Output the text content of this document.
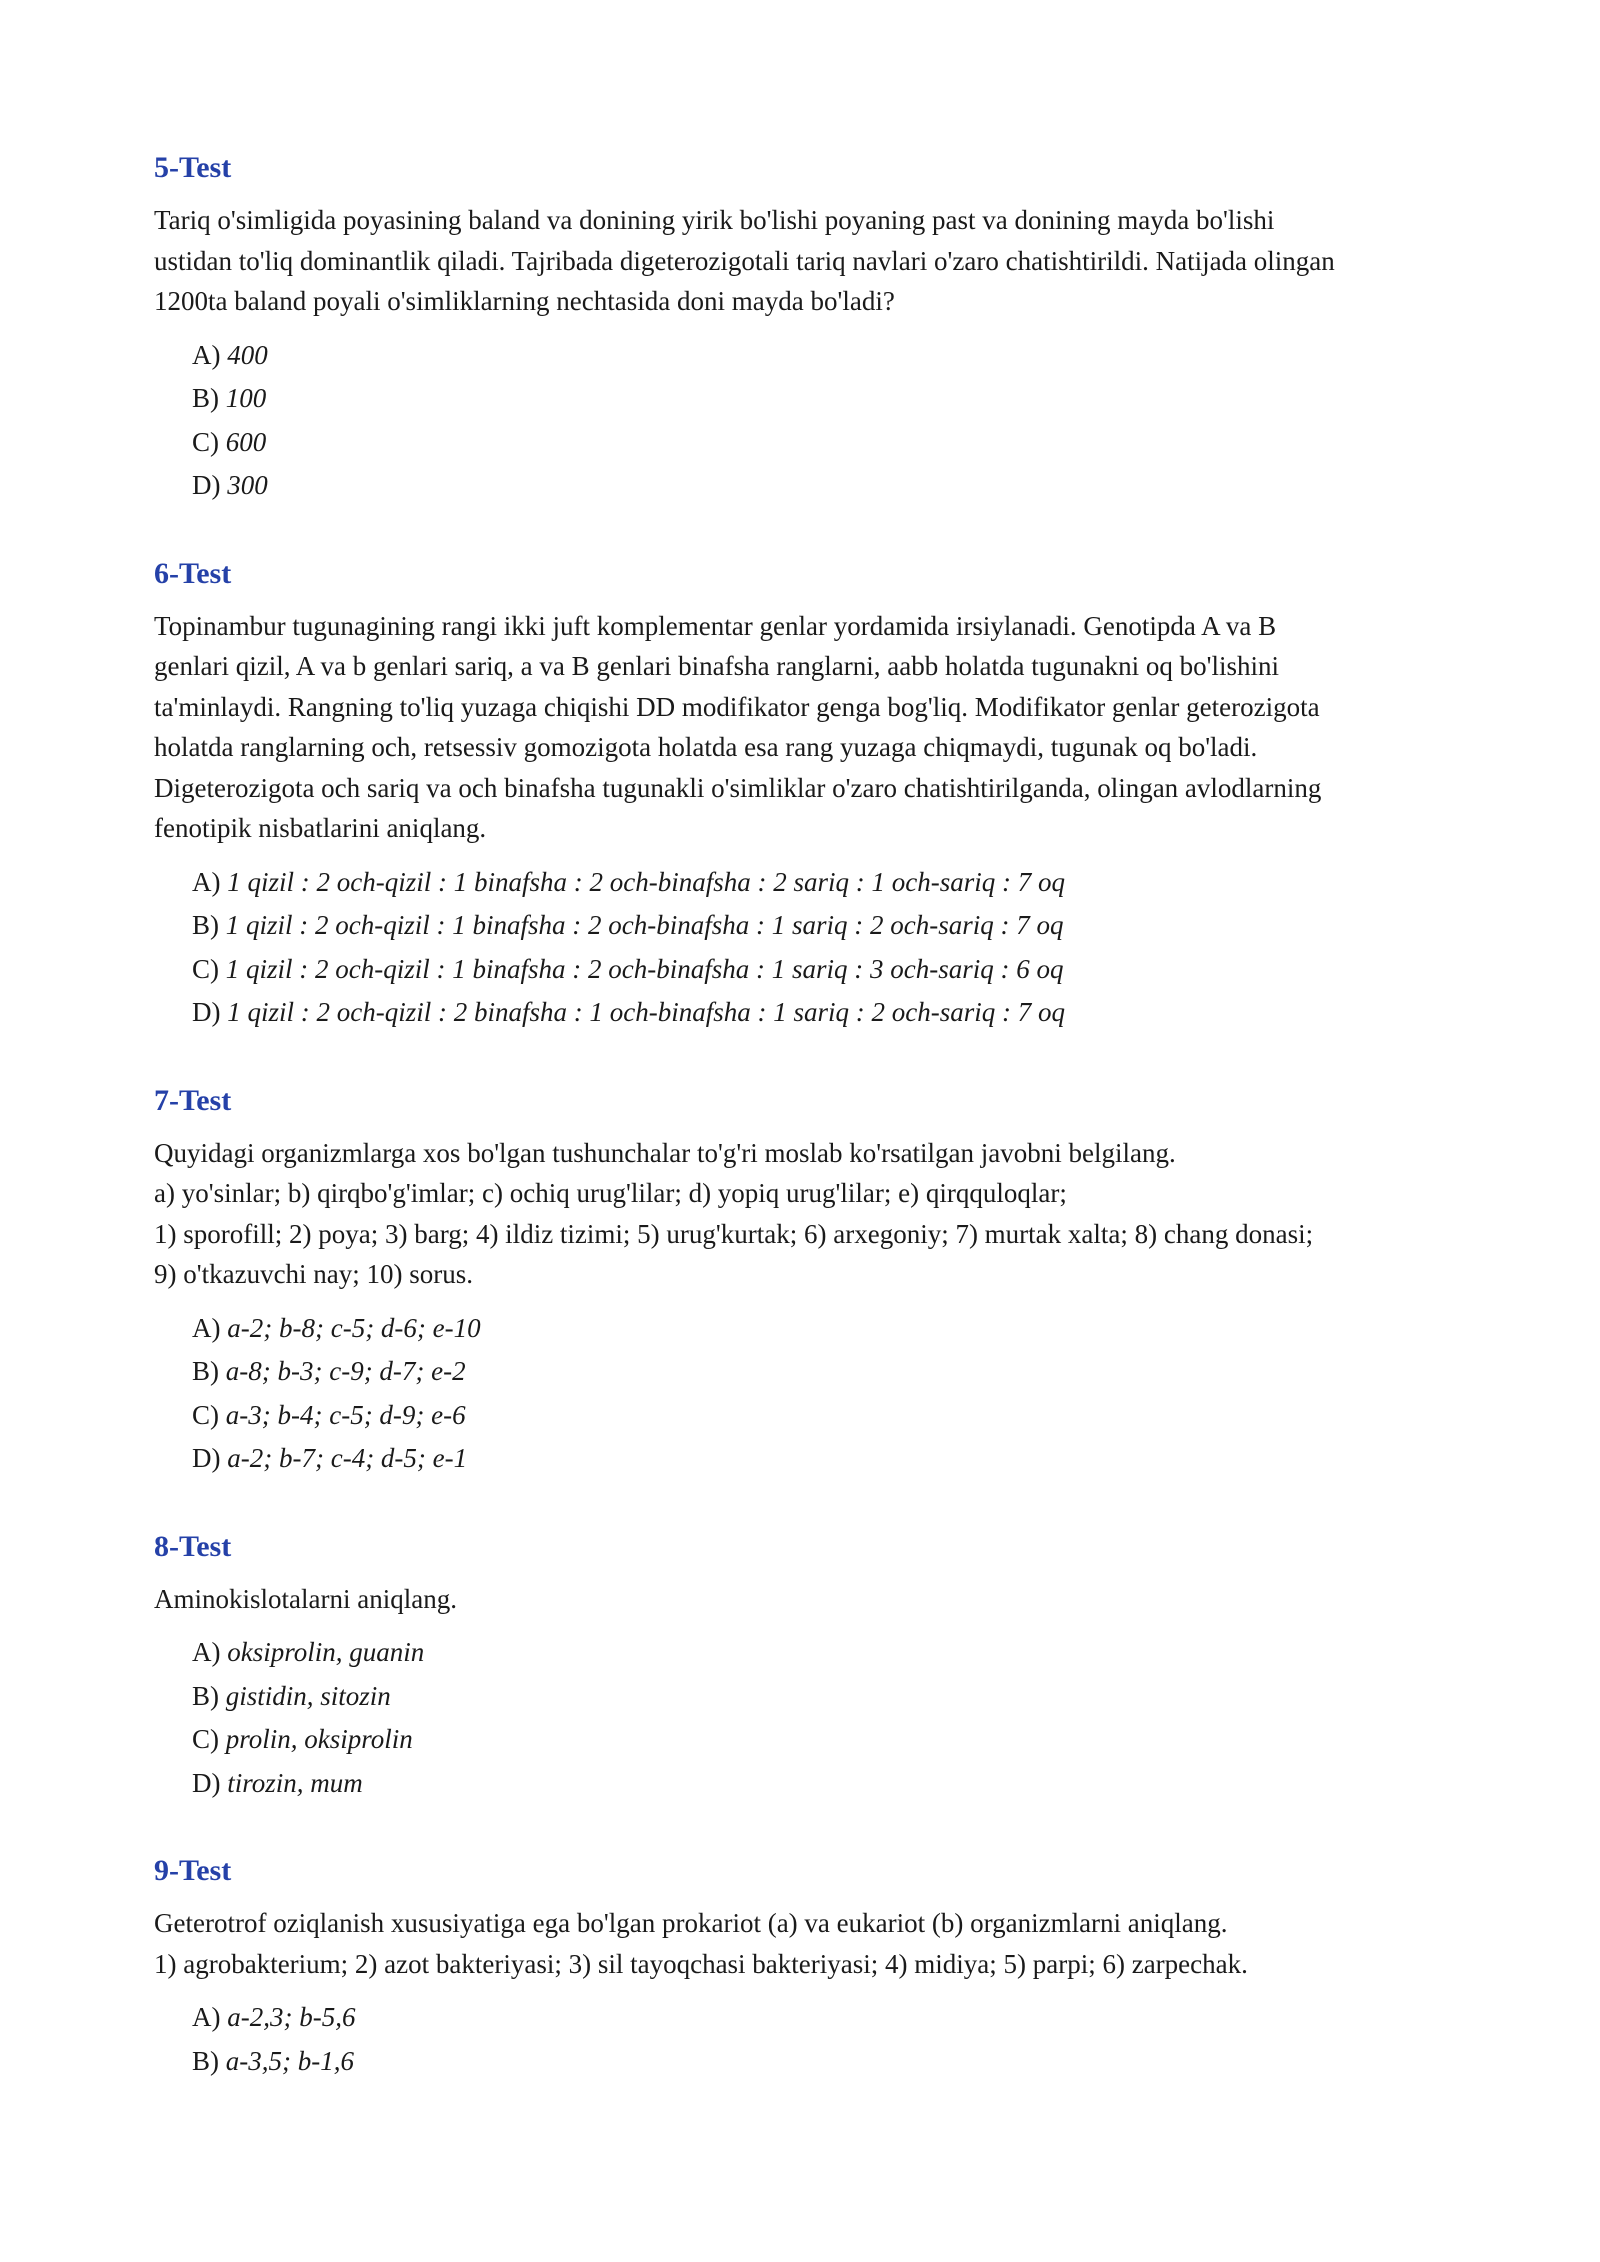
5-Test
Tariq o'simligida poyasining baland va donining yirik bo'lishi poyaning past va donining mayda bo'lishi
ustidan to'liq dominantlik qiladi. Tajribada digeterozigotali tariq navlari o'zaro chatishtirildi. Natijada olingan
1200ta baland poyali o'simliklarning nechtasida doni mayda bo'ladi?
A) 400
B) 100
C) 600
D) 300
6-Test
Topinambur tugunagining rangi ikki juft komplementar genlar yordamida irsiylanadi. Genotipda A va B
genlari qizil, A va b genlari sariq, a va B genlari binafsha ranglarni, aabb holatda tugunakni oq bo'lishini
ta'minlaydi. Rangning to'liq yuzaga chiqishi DD modifikator genga bog'liq. Modifikator genlar geterozigota
holatda ranglarning och, retsessiv gomozigota holatda esa rang yuzaga chiqmaydi, tugunak oq bo'ladi.
Digeterozigota och sariq va och binafsha tugunakli o'simliklar o'zaro chatishtirilganda, olingan avlodlarning
fenotipik nisbatlarini aniqlang.
A) 1 qizil : 2 och-qizil : 1 binafsha : 2 och-binafsha : 2 sariq : 1 och-sariq : 7 oq
B) 1 qizil : 2 och-qizil : 1 binafsha : 2 och-binafsha : 1 sariq : 2 och-sariq : 7 oq
C) 1 qizil : 2 och-qizil : 1 binafsha : 2 och-binafsha : 1 sariq : 3 och-sariq : 6 oq
D) 1 qizil : 2 och-qizil : 2 binafsha : 1 och-binafsha : 1 sariq : 2 och-sariq : 7 oq
7-Test
Quyidagi organizmlarga xos bo'lgan tushunchalar to'g'ri moslab ko'rsatilgan javobni belgilang.
a) yo'sinlar; b) qirqbo'g'imlar; c) ochiq urug'lilar; d) yopiq urug'lilar; e) qirqquloqlar;
1) sporofill; 2) poya; 3) barg; 4) ildiz tizimi; 5) urug'kurtak; 6) arxegoniy; 7) murtak xalta; 8) chang donasi;
9) o'tkazuvchi nay; 10) sorus.
A) a-2; b-8; c-5; d-6; e-10
B) a-8; b-3; c-9; d-7; e-2
C) a-3; b-4; c-5; d-9; e-6
D) a-2; b-7; c-4; d-5; e-1
8-Test
Aminokislotalarni aniqlang.
A) oksiprolin, guanin
B) gistidin, sitozin
C) prolin, oksiprolin
D) tirozin, mum
9-Test
Geterotrof oziqlanish xususiyatiga ega bo'lgan prokariot (a) va eukariot (b) organizmlarni aniqlang.
1) agrobakterium; 2) azot bakteriyasi; 3) sil tayoqchasi bakteriyasi; 4) midiya; 5) parpi; 6) zarpechak.
A) a-2,3; b-5,6
B) a-3,5; b-1,6
